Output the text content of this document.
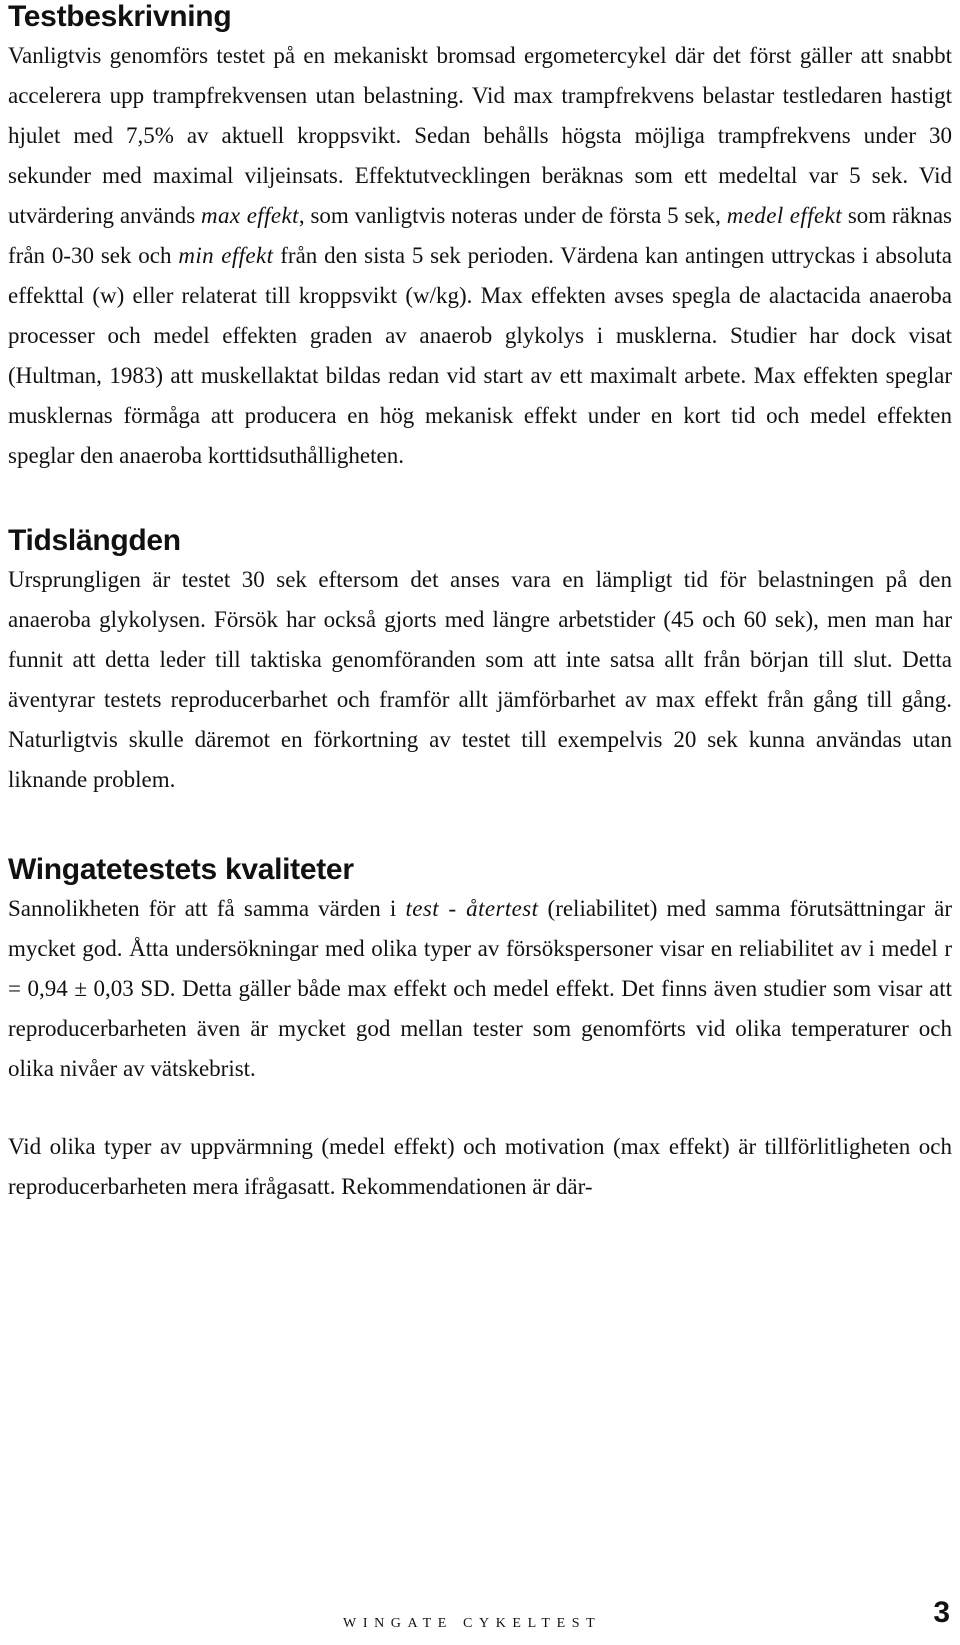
Testbeskrivning

Vanligtvis genomförs testet på en mekaniskt bromsad ergometercykel där det först gäller att snabbt accelerera upp trampfrekvensen utan belastning. Vid max trampfrekvens belastar testledaren hastigt hjulet med 7,5% av aktuell kroppsvikt. Sedan behålls högsta möjliga trampfrekvens under 30 sekunder med maximal viljeinsats. Effektutvecklingen beräknas som ett medeltal var 5 sek. Vid utvärdering används max effekt, som vanligtvis noteras under de första 5 sek, medel effekt som räknas från 0-30 sek och min effekt från den sista 5 sek perioden. Värdena kan antingen uttryckas i absoluta effekttal (w) eller relaterat till kroppsvikt (w/kg). Max effekten avses spegla de alactacida anaeroba processer och medel effekten graden av anaerob glykolys i musklerna. Studier har dock visat (Hultman, 1983) att muskellaktat bildas redan vid start av ett maximalt arbete. Max effekten speglar musklernas förmåga att producera en hög mekanisk effekt under en kort tid och medel effekten speglar den anaeroba korttidsuthålligheten.

Tidslängden

Ursprungligen är testet 30 sek eftersom det anses vara en lämpligt tid för belastningen på den anaeroba glykolysen. Försök har också gjorts med längre arbetstider (45 och 60 sek), men man har funnit att detta leder till taktiska genomföranden som att inte satsa allt från början till slut. Detta äventyrar testets reproducerbarhet och framför allt jämförbarhet av max effekt från gång till gång. Naturligtvis skulle däremot en förkortning av testet till exempelvis 20 sek kunna användas utan liknande problem.

Wingatetestets kvaliteter

Sannolikheten för att få samma värden i test - återtest (reliabilitet) med samma förutsättningar är mycket god. Åtta undersökningar med olika typer av försökspersoner visar en reliabilitet av i medel r = 0,94 ± 0,03 SD. Detta gäller både max effekt och medel effekt. Det finns även studier som visar att reproducerbarheten även är mycket god mellan tester som genomförts vid olika temperaturer och olika nivåer av vätskebrist.

Vid olika typer av uppvärmning (medel effekt) och motivation (max effekt) är tillförlitligheten och reproducerbarheten mera ifrågasatt. Rekommendationen är där-

WINGATE CYKELTEST	3
